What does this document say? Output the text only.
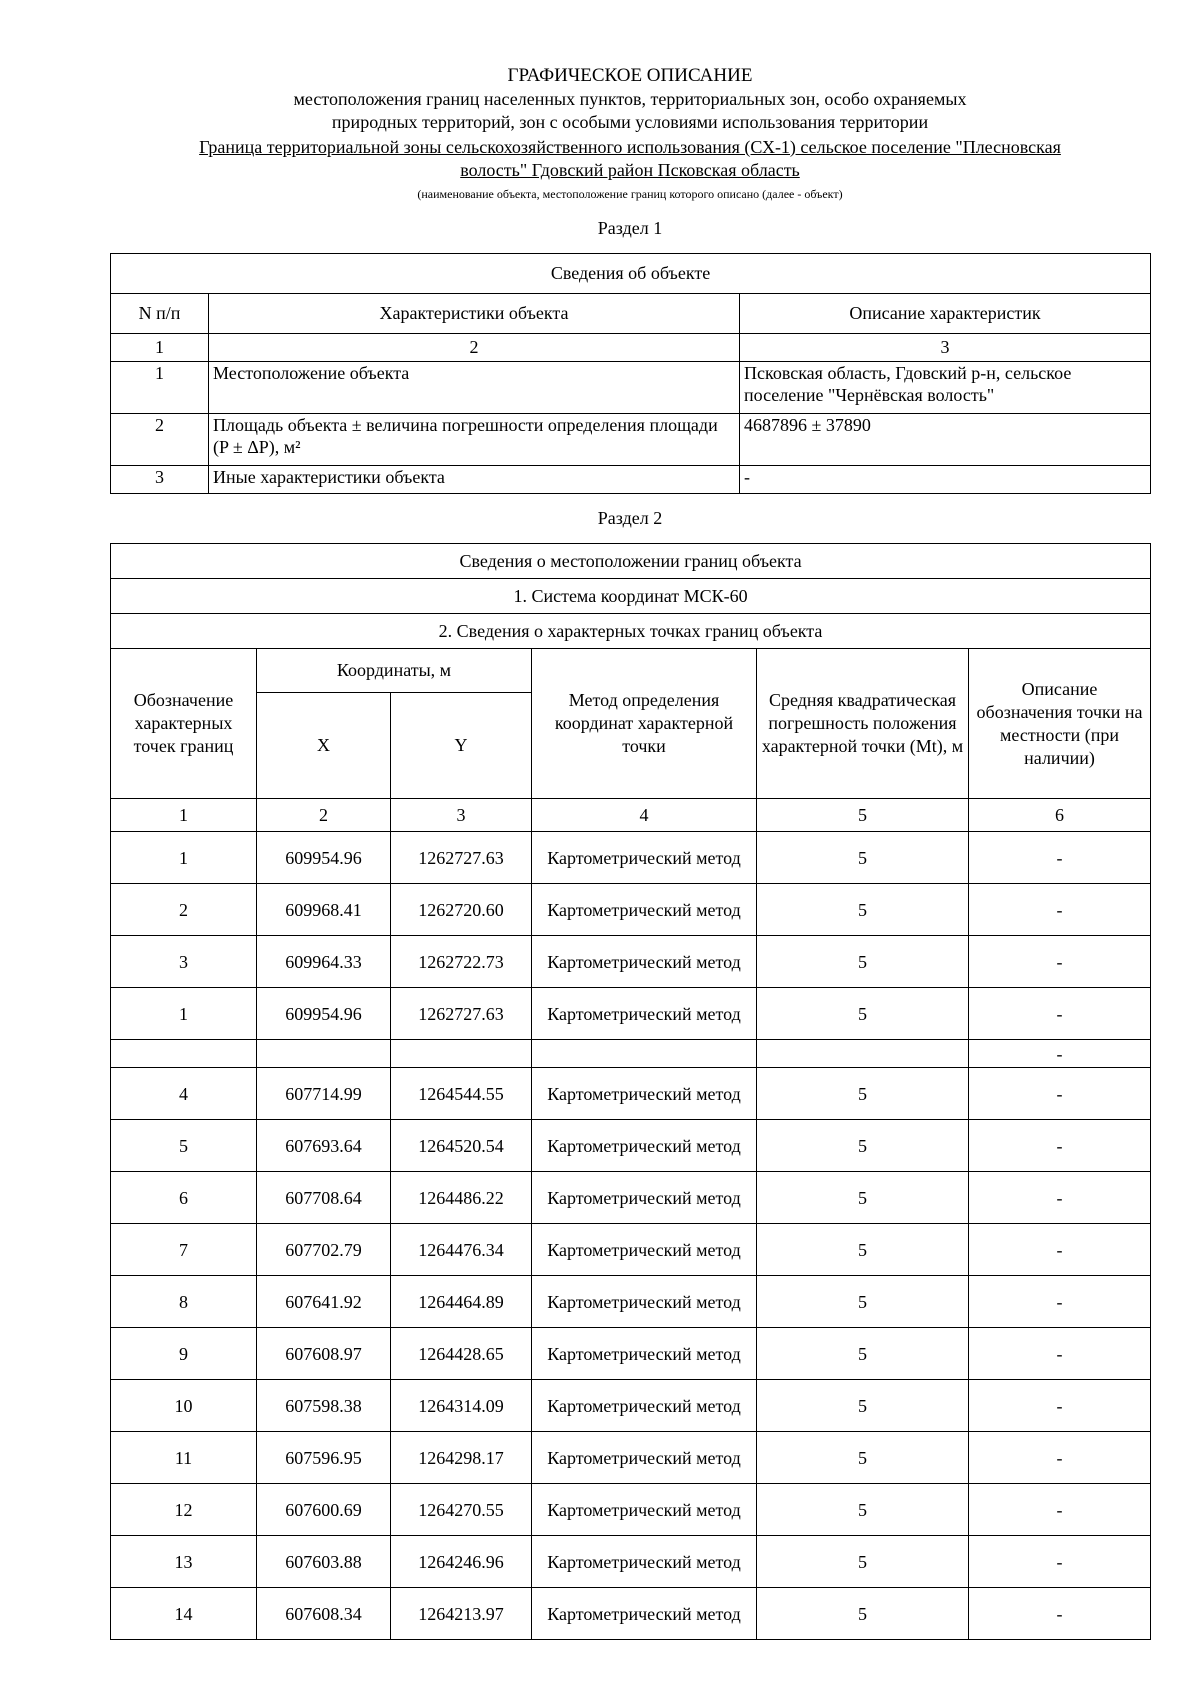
ГРАФИЧЕСКОЕ ОПИСАНИЕ
местоположения границ населенных пунктов, территориальных зон, особо охраняемых
природных территорий, зон с особыми условиями использования территории
Граница территориальной зоны сельскохозяйственного использования (СХ-1) сельское поселение "Плесновская
волость" Гдовский район Псковская область
(наименование объекта, местоположение границ которого описано (далее - объект)
Раздел 1
Сведения об объекте		
N п/п	Характеристики объекта	Описание характеристик
1	2	3
1	Местоположение объекта	Псковская область, Гдовский р-н, сельское поселение "Чернёвская волость"
2	Площадь объекта ± величина погрешности определения площади (P ± ΔP), м²	4687896 ± 37890
3	Иные характеристики объекта	-
Раздел 2
Сведения о местоположении границ объекта					
1. Система координат МСК-60					
2. Сведения о характерных точках границ объекта					
Обозначение характерных точек границ	Координаты, м		Метод определения координат характерной точки	Средняя квадратическая погрешность положения характерной точки (Mt), м	Описание обозначения точки на местности (при наличии)
	X	Y			
1	2	3	4	5	6
1	609954.96	1262727.63	Картометрический метод	5	-
2	609968.41	1262720.60	Картометрический метод	5	-
3	609964.33	1262722.73	Картометрический метод	5	-
1	609954.96	1262727.63	Картометрический метод	5	-
					-
4	607714.99	1264544.55	Картометрический метод	5	-
5	607693.64	1264520.54	Картометрический метод	5	-
6	607708.64	1264486.22	Картометрический метод	5	-
7	607702.79	1264476.34	Картометрический метод	5	-
8	607641.92	1264464.89	Картометрический метод	5	-
9	607608.97	1264428.65	Картометрический метод	5	-
10	607598.38	1264314.09	Картометрический метод	5	-
11	607596.95	1264298.17	Картометрический метод	5	-
12	607600.69	1264270.55	Картометрический метод	5	-
13	607603.88	1264246.96	Картометрический метод	5	-
14	607608.34	1264213.97	Картометрический метод	5	-
